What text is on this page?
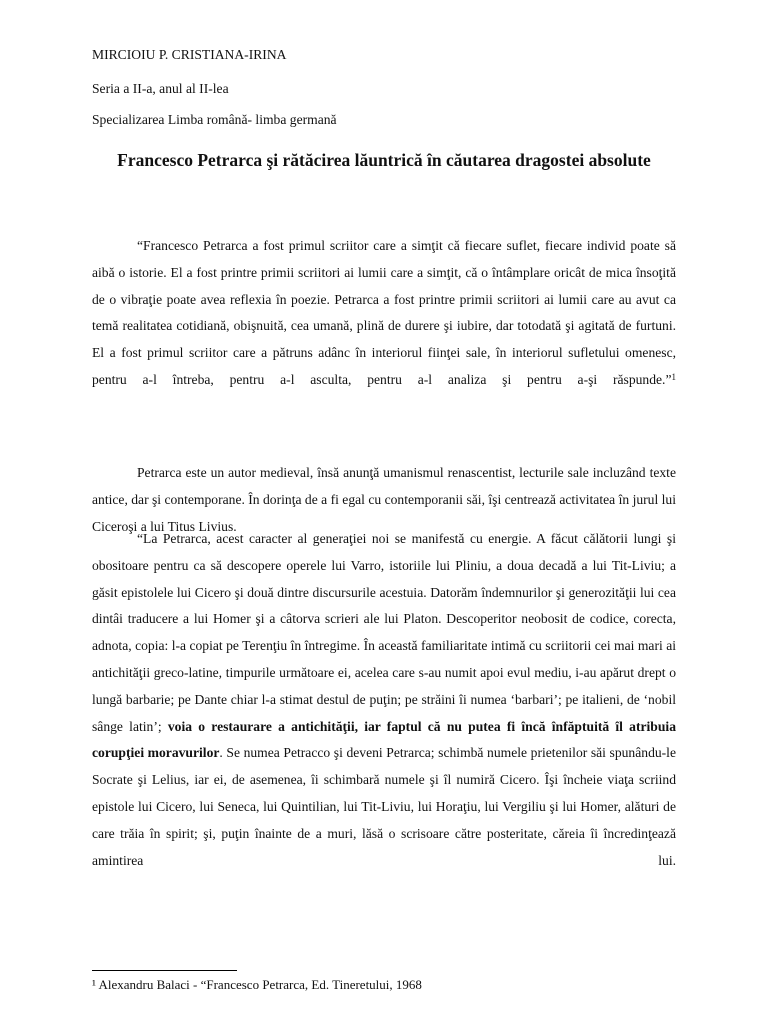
MIRCIOIU P. CRISTIANA-IRINA
Seria a II-a, anul al II-lea
Specializarea Limba română- limba germană
Francesco Petrarca şi rătăcirea lăuntrică în căutarea dragostei absolute

“Francesco Petrarca a fost primul scriitor care a simţit că fiecare suflet, fiecare individ poate să aibă o istorie. El a fost printre primii scriitori ai lumii care a simţit, că o întâmplare oricât de mica însoţită de o vibraţie poate avea reflexia în poezie. Petrarca a fost printre primii scriitori ai lumii care au avut ca temă realitatea cotidiană, obişnuită, cea umană, plină de durere şi iubire, dar totodată şi agitată de furtuni. El a fost primul scriitor care a pătruns adânc în interiorul fiinţei sale, în interiorul sufletului omenesc, pentru a-l întreba, pentru a-l asculta, pentru a-l analiza şi pentru a-şi răspunde.”$^1$

Petrarca este un autor medieval, însă anunţă umanismul renascentist, lecturile sale incluzând texte antice, dar şi contemporane. În dorinţa de a fi egal cu contemporanii săi, îşi centrează activitatea în jurul lui Ciceroşi a lui Titus Livius.

“La Petrarca, acest caracter al generaţiei noi se manifestă cu energie. A făcut călătorii lungi şi obositoare pentru ca să descopere operele lui Varro, istoriile lui Pliniu, a doua decadă a lui Tit-Liviu; a găsit epistolele lui Cicero şi două dintre discursurile acestuia. Datorăm îndemnurilor şi generozităţii lui cea dintâi traducere a lui Homer şi a câtorva scrieri ale lui Platon. Descoperitor neobosit de codice, corecta, adnota, copia: l-a copiat pe Terenţiu în întregime. În această familiaritate intimă cu scriitorii cei mai mari ai antichităţii greco-latine, timpurile următoare ei, acelea care s-au numit apoi evul mediu, i-au apărut drept o lungă barbarie; pe Dante chiar l-a stimat destul de puţin; pe străini îi numea ‘barbari’; pe italieni, de ‘nobil sânge latin’; voia o restaurare a antichităţii, iar faptul că nu putea fi încă înfăptuită îl atribuia corupţiei moravurilor. Se numea Petracco şi deveni Petrarca; schimbă numele prietenilor săi spunându-le Socrate şi Lelius, iar ei, de asemenea, îi schimbară numele şi îl numiră Cicero. Îşi încheie viaţa scriind epistole lui Cicero, lui Seneca, lui Quintilian, lui Tit-Liviu, lui Horaţiu, lui Vergiliu şi lui Homer, alături de care trăia în spirit; şi, puţin înainte de a muri, lăsă o scrisoare către posteritate, căreia îi încredinţează amintirea lui.

¹ Alexandru Balaci - “Francesco Petrarca, Ed. Tineretului, 1968
